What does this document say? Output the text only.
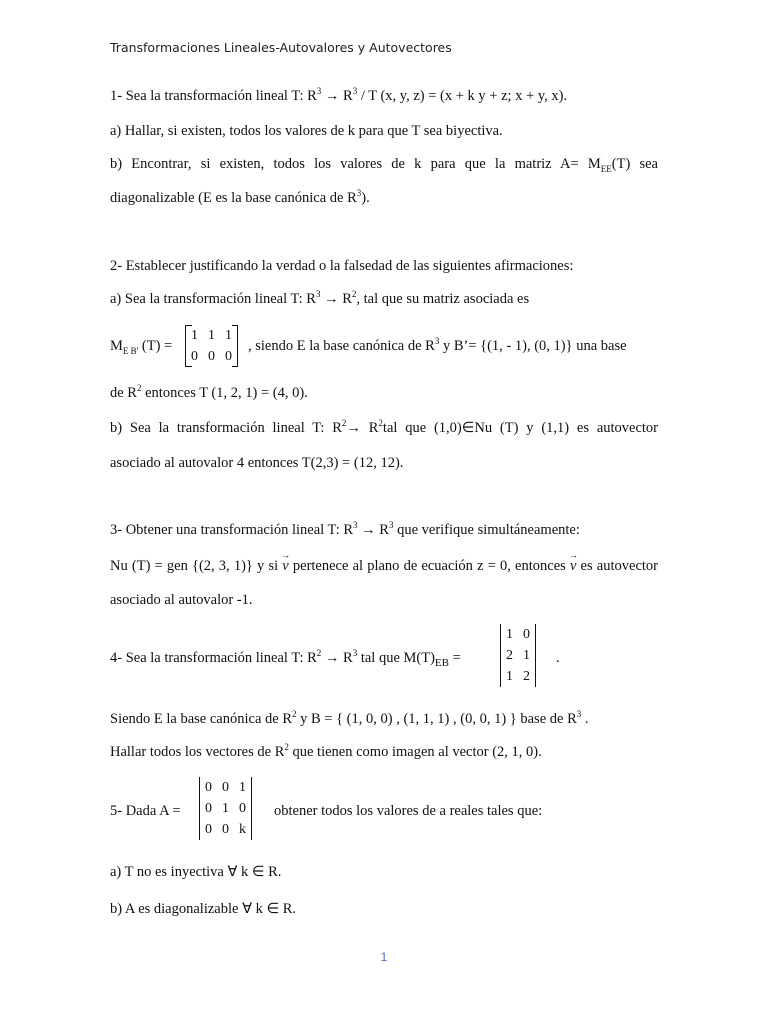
Transformaciones Lineales-Autovalores y Autovectores
1- Sea la transformación lineal T: $R^3 \to R^3 / T$ (x, y, z) = (x + k y + z; x + y, x).
a) Hallar, si existen, todos los valores de k para que T sea biyectiva.
b) Encontrar, si existen, todos los valores de k para que la matriz $A= M_{EE}(T)$ sea
diagonalizable (E es la base canónica de $R^3$).
2- Establecer justificando la verdad o la falsedad de las siguientes afirmaciones:
a) Sea la transformación lineal T: $R^3 \to R^2$, tal que su matriz asociada es
$M_{E B'}$ (T) =
1	1	1
0	0	0

, siendo E la base canónica de $R^3$ y B’= {(1, - 1), (0, 1)} una base
de $R^2$ entonces T (1, 2, 1) = (4, 0).
b) Sea la transformación lineal T: $R^2\to R^2tal$ que (1,0)∈Nu (T) y (1,1) es autovector
asociado al autovalor 4 entonces T(2,3) = (12, 12).
3- Obtener una transformación lineal T: $R^3 \to R^3$ que verifique simultáneamente:
Nu (T) = gen {(2, 3, 1)} y si → v pertenece al plano de ecuación z = 0, entonces → v es autovector
asociado al autovalor -1.
4- Sea la transformación lineal T: $R^2 \to R^3$ tal que $M(T)_{EB}$ =
1	0
2	1
1	2
.
Siendo E la base canónica de $R^2$ y B = { (1, 0, 0) , (1, 1, 1) , (0, 0, 1) } base de $R^3$ .
Hallar todos los vectores de $R^2$ que tienen como imagen al vector (2, 1, 0).
5- Dada A =
0	0	1
0	1	0
0	0	k
obtener todos los valores de a reales tales que:
a) T no es inyectiva ∀ k ∈ R.
b) A es diagonalizable ∀ k ∈ R.
1
